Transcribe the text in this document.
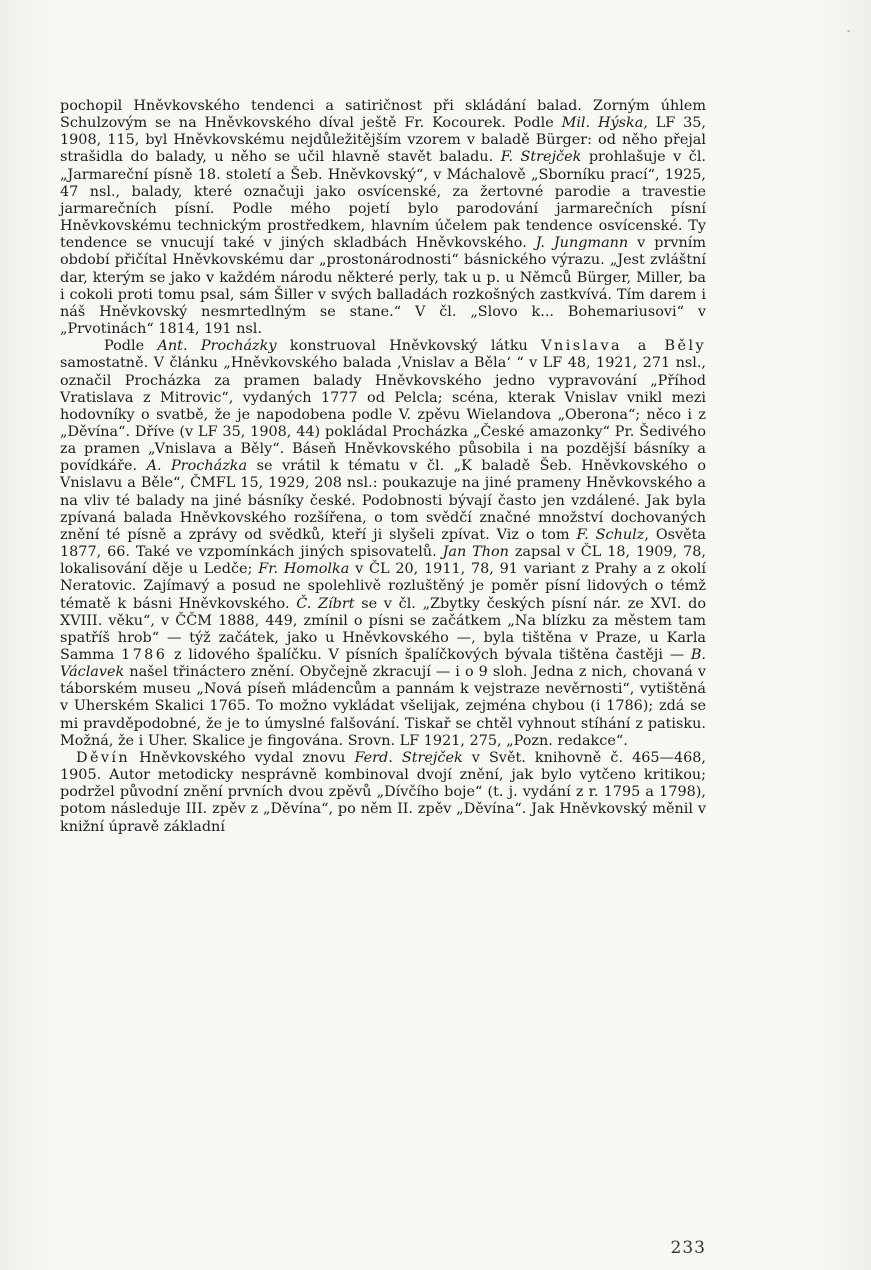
-

pochopil Hněvkovského tendenci a satiričnost při skládání balad. Zorným úhlem Schulzovým se na Hněvkovského díval ještě Fr. Kocourek. Podle Mil. Hýska, LF 35, 1908, 115, byl Hněvkovskému nejdůležitějším vzorem v baladě Bürger: od něho přejal strašidla do balady, u něho se učil hlavně stavět baladu. F. Strejček prohlašuje v čl. „Jarmareční písně 18. století a Šeb. Hněvkovský“, v Máchalově „Sborníku prací“, 1925, 47 nsl., balady, které označuji jako osvícenské, za žertovné parodie a travestie jarmarečních písní. Podle mého pojetí bylo parodování jarmarečních písní Hněvkovskému technickým prostředkem, hlavním účelem pak tendence osvícenské. Ty tendence se vnucují také v jiných skladbách Hněvkovského. J. Jungmann v prvním období přičítal Hněvkovskému dar „prostonárodnosti“ básnického výrazu. „Jest zvláštní dar, kterým se jako v každém národu některé perly, tak u p. u Němců Bürger, Miller, ba i cokoli proti tomu psal, sám Šiller v svých balladách rozkošných zastkvívá. Tím darem i náš Hněvkovský nesmrtedlným se stane.“ V čl. „Slovo k... Bohemariusovi“ v „Prvotinách“ 1814, 191 nsl.

Podle Ant. Procházky konstruoval Hněvkovský látku Vnislava a Běly samostatně. V článku „Hněvkovského balada ‚Vnislav a Běla‘ “ v LF 48, 1921, 271 nsl., označil Procházka za pramen balady Hněvkovského jedno vypravování „Příhod Vratislava z Mitrovic“, vydaných 1777 od Pelcla; scéna, kterak Vnislav vnikl mezi hodovníky o svatbě, že je napodobena podle V. zpěvu Wielandova „Oberona“; něco i z „Děvína“. Dříve (v LF 35, 1908, 44) pokládal Procházka „České amazonky“ Pr. Šedivého za pramen „Vnislava a Běly“. Báseň Hněvkovského působila i na pozdější básníky a povídkáře. A. Procházka se vrátil k tématu v čl. „K baladě Šeb. Hněvkovského o Vnislavu a Běle“, ČMFL 15, 1929, 208 nsl.: poukazuje na jiné prameny Hněvkovského a na vliv té balady na jiné básníky české. Podobnosti bývají často jen vzdálené. Jak byla zpívaná balada Hněvkovského rozšířena, o tom svědčí značné množství dochovaných znění té písně a zprávy od svědků, kteří ji slyšeli zpívat. Viz o tom F. Schulz, Osvěta 1877, 66. Také ve vzpomínkách jiných spisovatelů. Jan Thon zapsal v ČL 18, 1909, 78, lokalisování děje u Ledče; Fr. Homolka v ČL 20, 1911, 78, 91 variant z Prahy a z okolí Neratovic. Zajímavý a posud ne spolehlivě rozluštěný je poměr písní lidových o témž tématě k básni Hněvkovského. Č. Zíbrt se v čl. „Zbytky českých písní nár. ze XVI. do XVIII. věku“, v ČČM 1888, 449, zmínil o písni se začátkem „Na blízku za městem tam spatříš hrob“ — týž začátek, jako u Hněvkovského —, byla tištěna v Praze, u Karla Samma 1786 z lidového špalíčku. V písních špalíčkových bývala tištěna častěji — B. Václavek našel třináctero znění. Obyčejně zkracují — i o 9 sloh. Jedna z nich, chovaná v táborském museu „Nová píseň mládencům a pannám k vejstraze nevěrnosti“, vytištěná v Uherském Skalici 1765. To možno vykládat všelijak, zejména chybou (i 1786); zdá se mi pravděpodobné, že je to úmyslné falšování. Tiskař se chtěl vyhnout stíhání z patisku. Možná, že i Uher. Skalice je fingována. Srovn. LF 1921, 275, „Pozn. redakce“.

Děvín Hněvkovského vydal znovu Ferd. Strejček v Svět. knihovně č. 465—468, 1905. Autor metodicky nesprávně kombinoval dvojí znění, jak bylo vytčeno kritikou; podržel původní znění prvních dvou zpěvů „Dívčího boje“ (t. j. vydání z r. 1795 a 1798), potom následuje III. zpěv z „Děvína“, po něm II. zpěv „Děvína“. Jak Hněvkovský měnil v knižní úpravě základní

233
